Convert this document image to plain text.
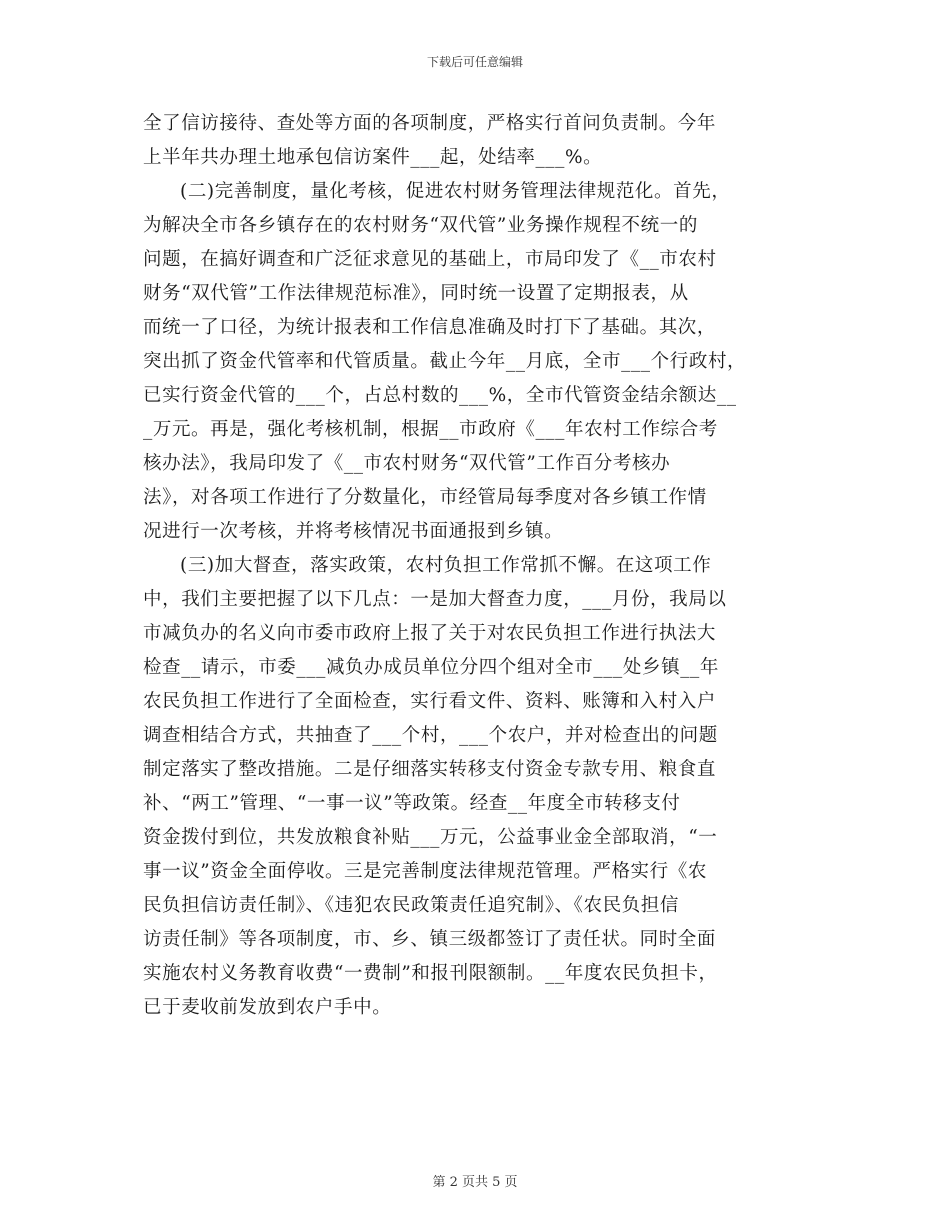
下载后可任意编辑
全了信访接待、查处等方面的各项制度，严格实行首问负责制。今年
上半年共办理土地承包信访案件___起，处结率___%。
(二)完善制度，量化考核，促进农村财务管理法律规范化。首先，
为解决全市各乡镇存在的农村财务“双代管”业务操作规程不统一的
问题，在搞好调查和广泛征求意见的基础上，市局印发了《__市农村
财务“双代管”工作法律规范标准》，同时统一设置了定期报表，从
而统一了口径，为统计报表和工作信息准确及时打下了基础。其次，
突出抓了资金代管率和代管质量。截止今年__月底，全市___个行政村，
已实行资金代管的___个，占总村数的___%，全市代管资金结余额达__
_万元。再是，强化考核机制，根据__市政府《___年农村工作综合考
核办法》，我局印发了《__市农村财务“双代管”工作百分考核办
法》，对各项工作进行了分数量化，市经管局每季度对各乡镇工作情
况进行一次考核，并将考核情况书面通报到乡镇。
(三)加大督查，落实政策，农村负担工作常抓不懈。在这项工作
中，我们主要把握了以下几点：一是加大督查力度，___月份，我局以
市减负办的名义向市委市政府上报了关于对农民负担工作进行执法大
检查__请示，市委___减负办成员单位分四个组对全市___处乡镇__年
农民负担工作进行了全面检查，实行看文件、资料、账簿和入村入户
调查相结合方式，共抽查了___个村，___个农户，并对检查出的问题
制定落实了整改措施。二是仔细落实转移支付资金专款专用、粮食直
补、“两工”管理、“一事一议”等政策。经查__年度全市转移支付
资金拨付到位，共发放粮食补贴___万元，公益事业金全部取消，“一
事一议”资金全面停收。三是完善制度法律规范管理。严格实行《农
民负担信访责任制》、《违犯农民政策责任追究制》、《农民负担信
访责任制》等各项制度，市、乡、镇三级都签订了责任状。同时全面
实施农村义务教育收费“一费制”和报刊限额制。__年度农民负担卡，
已于麦收前发放到农户手中。
第 2 页共 5 页
